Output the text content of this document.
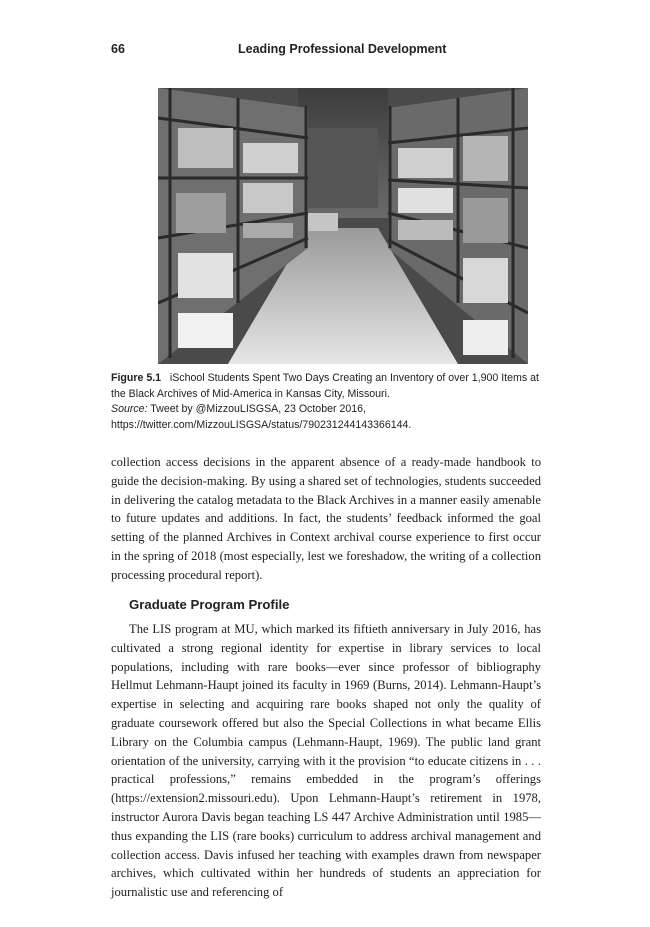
66	Leading Professional Development
Figure 5.1 iSchool Students Spent Two Days Creating an Inventory of over 1,900 Items at the Black Archives of Mid-America in Kansas City, Missouri.
Source: Tweet by @MizzouLISGSA, 23 October 2016, https://twitter.com/MizzouLISGSA/status/790231244143366144.

collection access decisions in the apparent absence of a ready-made handbook to guide the decision-making. By using a shared set of technologies, students succeeded in delivering the catalog metadata to the Black Archives in a manner easily amenable to future updates and additions. In fact, the students’ feedback informed the goal setting of the planned Archives in Context archival course experience to first occur in the spring of 2018 (most especially, lest we foreshadow, the writing of a collection processing procedural report).

Graduate Program Profile

The LIS program at MU, which marked its fiftieth anniversary in July 2016, has cultivated a strong regional identity for expertise in library services to local populations, including with rare books—ever since professor of bibliography Hellmut Lehmann-Haupt joined its faculty in 1969 (Burns, 2014). Lehmann-Haupt’s expertise in selecting and acquiring rare books shaped not only the quality of graduate coursework offered but also the Special Collections in what became Ellis Library on the Columbia campus (Lehmann-Haupt, 1969). The public land grant orientation of the university, carrying with it the provision “to educate citizens in . . . practical professions,” remains embedded in the program’s offerings (https://extension2.missouri.edu). Upon Lehmann-Haupt’s retirement in 1978, instructor Aurora Davis began teaching LS 447 Archive Administration until 1985—thus expanding the LIS (rare books) curriculum to address archival management and collection access. Davis infused her teaching with examples drawn from newspaper archives, which cultivated within her hundreds of students an appreciation for journalistic use and referencing of
